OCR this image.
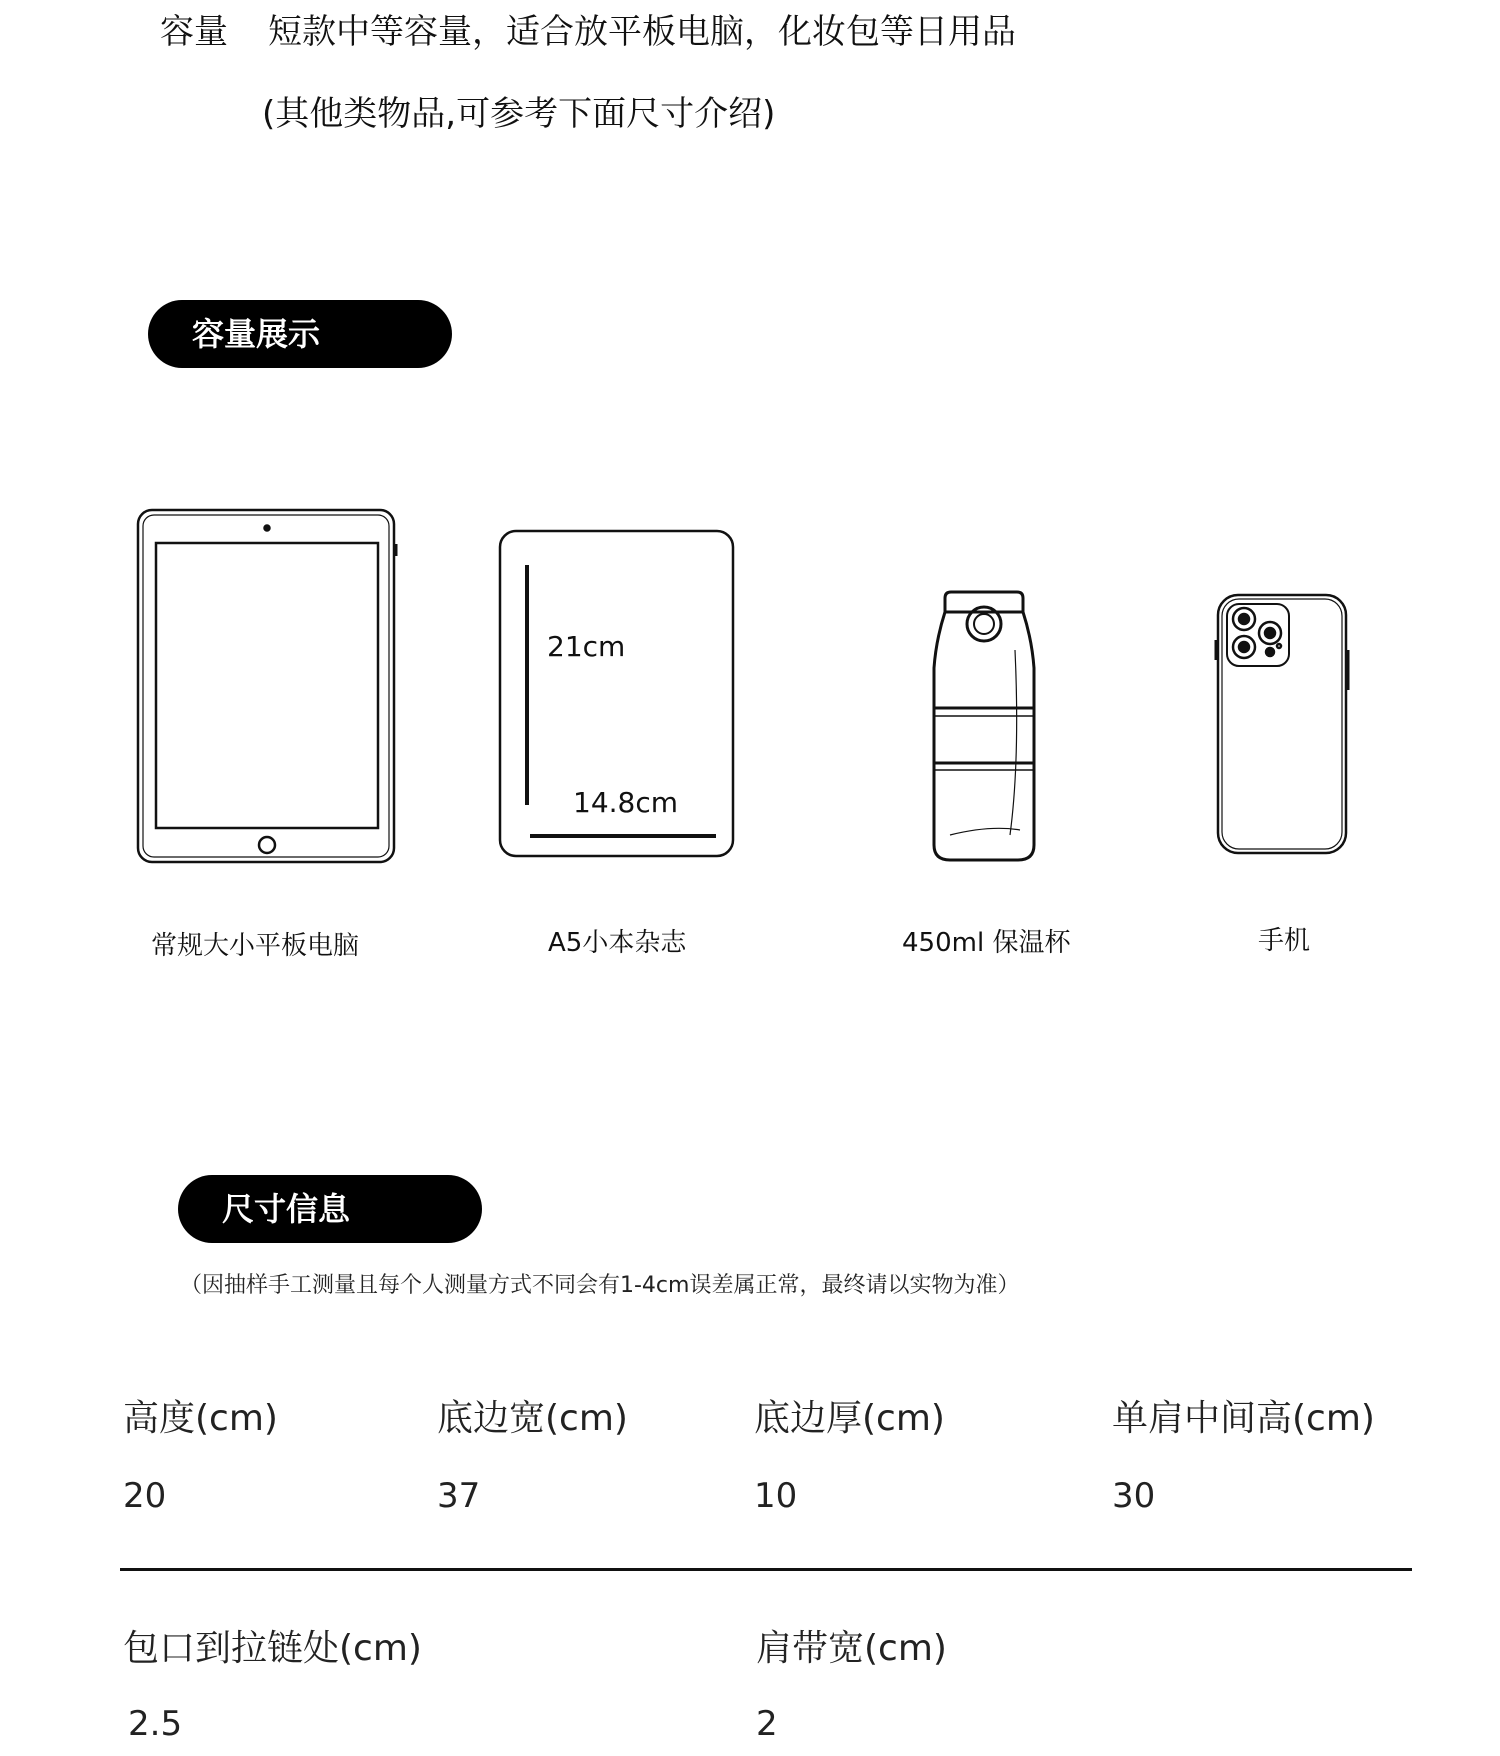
容量 短款中等容量，适合放平板电脑，化妆包等日用品
(其他类物品,可参考下面尺寸介绍)
容量展示
21cm
14.8cm
常规大小平板电脑	A5小本杂志	450ml 保温杯	手机
尺寸信息
（因抽样手工测量且每个人测量方式不同会有1-4cm误差属正常，最终请以实物为准）
高度(cm)	底边宽(cm)	底边厚(cm)	单肩中间高(cm)
20	37	10	30
包口到拉链处(cm)	肩带宽(cm)
2.5	2
